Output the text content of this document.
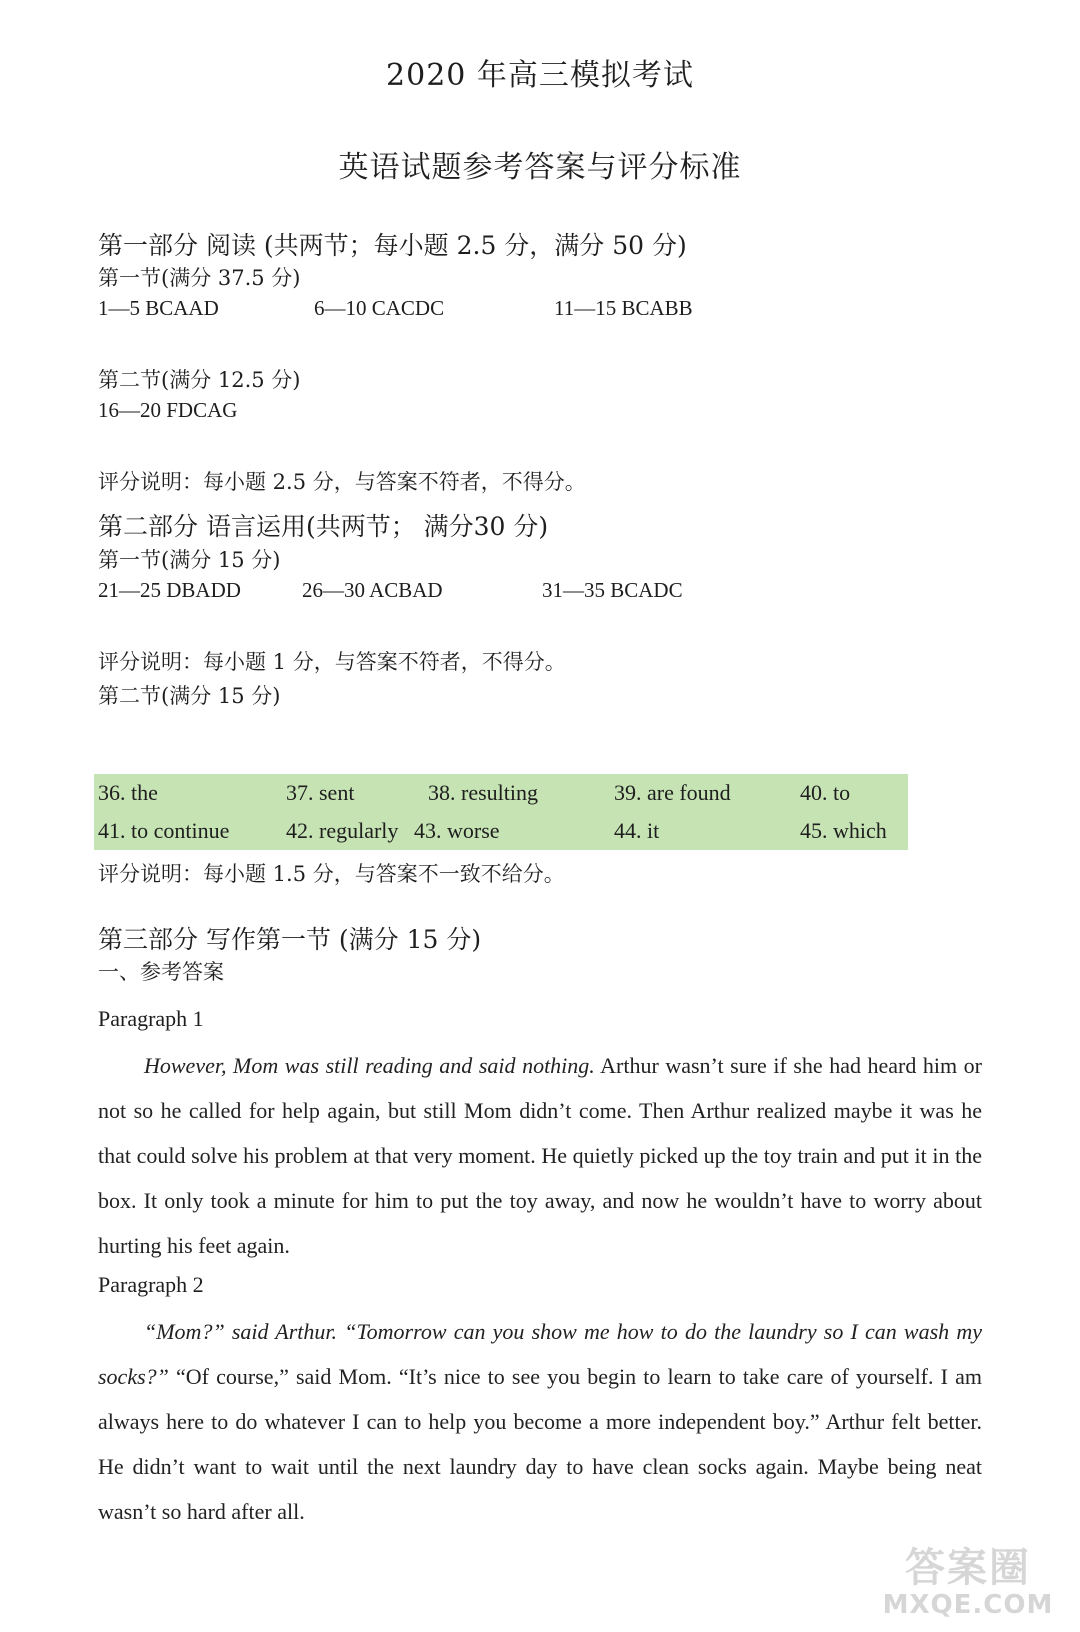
2020 年高三模拟考试
英语试题参考答案与评分标准
第一部分 阅读 (共两节；每小题 2.5 分，满分 50 分)
第一节(满分 37.5 分)
1—5 BCAAD	6—10 CACDC	11—15 BCABB
第二节(满分 12.5 分)
16—20 FDCAG
评分说明：每小题 2.5 分，与答案不符者，不得分。
第二部分 语言运用(共两节； 满分30 分)
第一节(满分 15 分)
21—25 DBADD	26—30 ACBAD	31—35 BCADC
评分说明：每小题 1 分，与答案不符者，不得分。
第二节(满分 15 分)
36. the	37. sent	38. resulting	39. are found	40. to
41. to continue	42. regularly 43. worse	44. it	45. which
评分说明：每小题 1.5 分，与答案不一致不给分。
第三部分 写作第一节 (满分 15 分)
一、参考答案
Paragraph 1
However, Mom was still reading and said nothing. Arthur wasn’t sure if she had heard him or not so he called for help again, but still Mom didn’t come. Then Arthur realized maybe it was he that could solve his problem at that very moment. He quietly picked up the toy train and put it in the box. It only took a minute for him to put the toy away, and now he wouldn’t have to worry about hurting his feet again.
Paragraph 2
“Mom?” said Arthur. “Tomorrow can you show me how to do the laundry so I can wash my socks?” “Of course,” said Mom. “It’s nice to see you begin to learn to take care of yourself. I am always here to do whatever I can to help you become a more independent boy.” Arthur felt better. He didn’t want to wait until the next laundry day to have clean socks again. Maybe being neat wasn’t so hard after all.
答案圈
MXQE.COM
